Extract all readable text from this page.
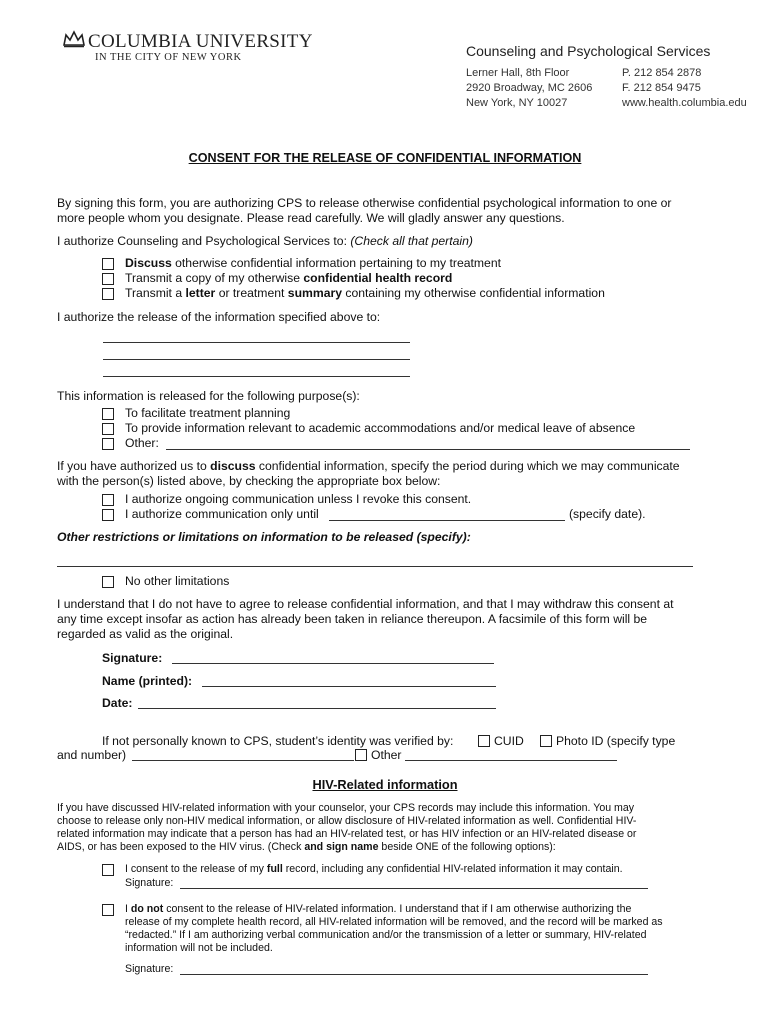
COLUMBIA UNIVERSITY
IN THE CITY OF NEW YORK	Counseling and Psychological Services
Lerner Hall, 8th Floor
2920 Broadway, MC 2606
New York, NY 10027
P. 212 854 2878
F. 212 854 9475
www.health.columbia.edu
CONSENT FOR THE RELEASE OF CONFIDENTIAL INFORMATION
By signing this form, you are authorizing CPS to release otherwise confidential psychological information to one or
more people whom you designate. Please read carefully. We will gladly answer any questions.
I authorize Counseling and Psychological Services to: (Check all that pertain)
Discuss otherwise confidential information pertaining to my treatment
Transmit a copy of my otherwise confidential health record
Transmit a letter or treatment summary containing my otherwise confidential information
I authorize the release of the information specified above to:
This information is released for the following purpose(s):
To facilitate treatment planning
To provide information relevant to academic accommodations and/or medical leave of absence
Other:
If you have authorized us to discuss confidential information, specify the period during which we may communicate
with the person(s) listed above, by checking the appropriate box below:
I authorize ongoing communication unless I revoke this consent.
I authorize communication only until	(specify date).
Other restrictions or limitations on information to be released (specify):
No other limitations
I understand that I do not have to agree to release confidential information, and that I may withdraw this consent at
any time except insofar as action has already been taken in reliance thereupon. A facsimile of this form will be
regarded as valid as the original.
Signature:
Name (printed):
Date:
If not personally known to CPS, student’s identity was verified by:	CUID	Photo ID (specify type
and number)	Other
HIV-Related information
If you have discussed HIV-related information with your counselor, your CPS records may include this information. You may
choose to release only non-HIV medical information, or allow disclosure of HIV-related information as well. Confidential HIV-
related information may indicate that a person has had an HIV-related test, or has HIV infection or an HIV-related disease or
AIDS, or has been exposed to the HIV virus. (Check and sign name beside ONE of the following options):
I consent to the release of my full record, including any confidential HIV-related information it may contain.
Signature:
I do not consent to the release of HIV-related information. I understand that if I am otherwise authorizing the
release of my complete health record, all HIV-related information will be removed, and the record will be marked as
“redacted.” If I am authorizing verbal communication and/or the transmission of a letter or summary, HIV-related
information will not be included.
Signature:
